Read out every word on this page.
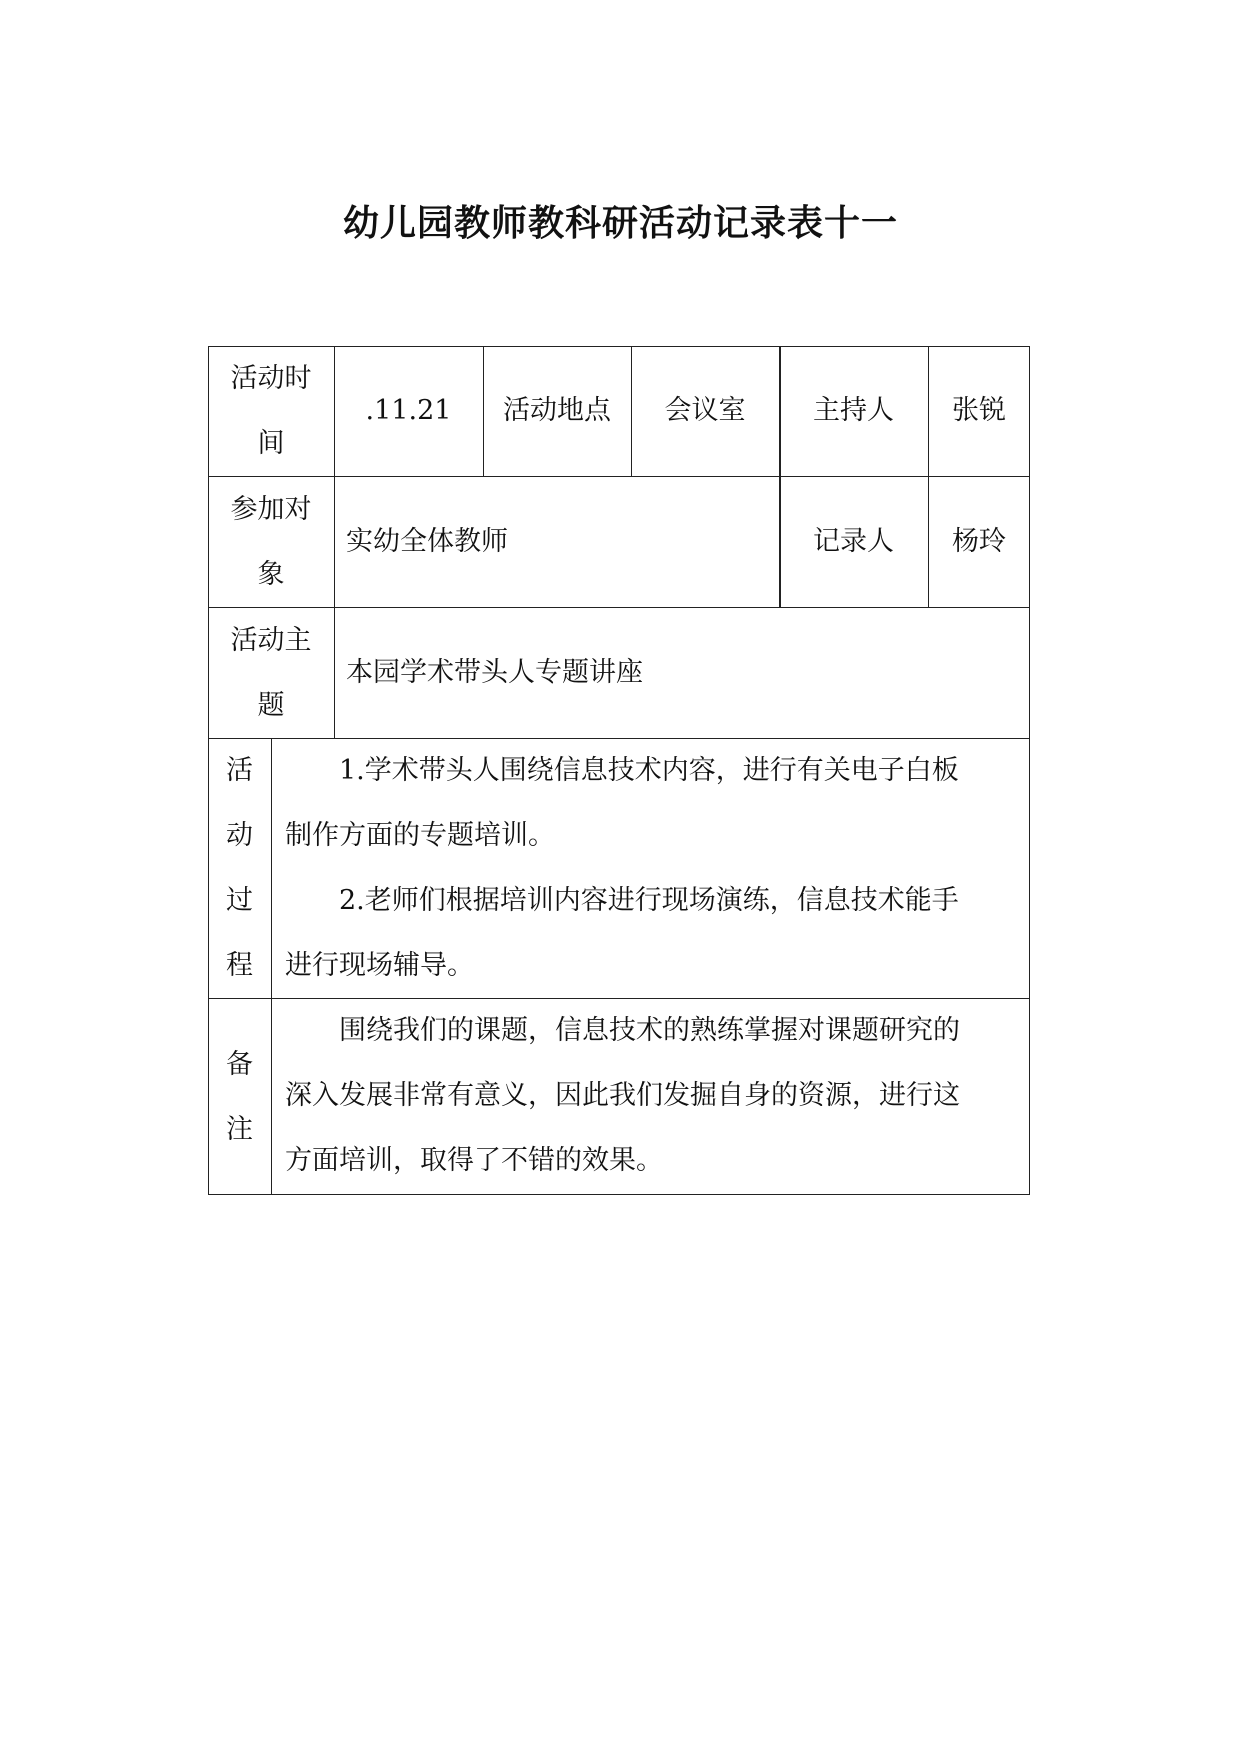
幼儿园教师教科研活动记录表十一
活动时
间
.11.21 活动地点 会议室	主持人 张锐
参加对
象
实幼全体教师	记录人 杨玲
活动主
题
本园学术带头人专题讲座
活
动
过
程
1.学术带头人围绕信息技术内容，进行有关电子白板
制作方面的专题培训。
2.老师们根据培训内容进行现场演练，信息技术能手
进行现场辅导。
备
注
围绕我们的课题，信息技术的熟练掌握对课题研究的
深入发展非常有意义，因此我们发掘自身的资源，进行这
方面培训，取得了不错的效果。
